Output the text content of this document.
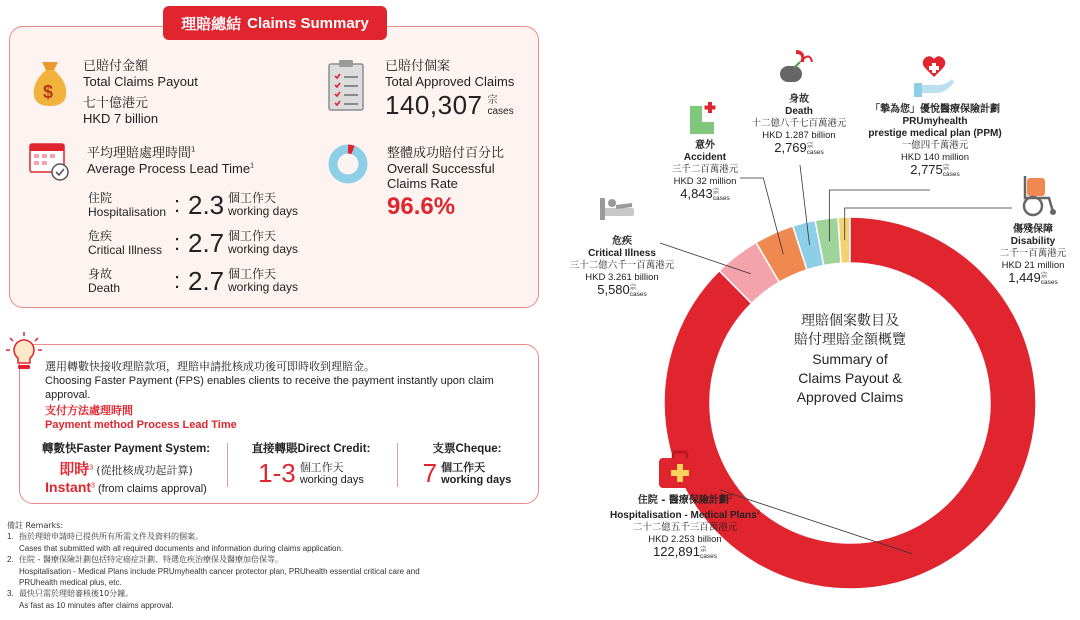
理賠總結 Claims Summary
$
已賠付金額
Total Claims Payout
七十億港元
HKD 7 billion
已賠付個案
Total Approved Claims
140,307 宗
cases
平均理賠處理時間$^1$
Average Process Lead Time$^1$
住院
Hospitalisation : 2.3 個工作天
working days
危疾
Critical Illness : 2.7 個工作天
working days
身故
Death	: 2.7 個工作天
working days
整體成功賠付百分比
Overall Successful
Claims Rate
96.6%
選用轉數快接收理賠款項，理賠申請批核成功後可即時收到理賠金。
Choosing Faster Payment (FPS) enables clients to receive the payment instantly upon claim approval.
支付方法處理時間
Payment method Process Lead Time
轉數快Faster Payment System:
即時$^3$ (從批核成功起計算)
Instant$^3$ (from claims approval)
直接轉賬Direct Credit:
1-3 個工作天
working days
支票Cheque:
7 個工作天
working days
備註 Remarks:
1. 指於理賠申請時已提供所有所需文件及資料的個案。
Cases that submitted with all required documents and information during claims application.
2. 住院 - 醫療保險計劃包括特定癌症計劃、特選危疾治療保及醫療加倍保等。
Hospitalisation - Medical Plans include PRUmyhealth cancer protector plan, PRUhealth essential critical care and
PRUhealth medical plus, etc.
3. 最快只需於理賠審核後10分鐘。
As fast as 10 minutes after claims approval.
理賠個案數目及
賠付理賠金額概覽
Summary of
Claims Payout &
Approved Claims
住院 - 醫療保險計劃$^2$
Hospitalisation - Medical Plans$^2$
二十二億五千三百萬港元
HKD 2.253 billion
122,891 宗
cases
危疾
Critical Illness
三十二億六千一百萬港元
HKD 3.261 billion
5,580 宗
cases
意外
Accident
三千二百萬港元
HKD 32 million
4,843 宗
cases
身故
Death
十二億八千七百萬港元
HKD 1.287 billion
2,769 宗
cases
「摯為您」優悅醫療保險計劃
PRUmyhealth
prestige medical plan (PPM)
一億四千萬港元
HKD 140 million
2,775 宗
cases
傷殘保障
Disability
二千一百萬港元
HKD 21 million
1,449 宗
cases
